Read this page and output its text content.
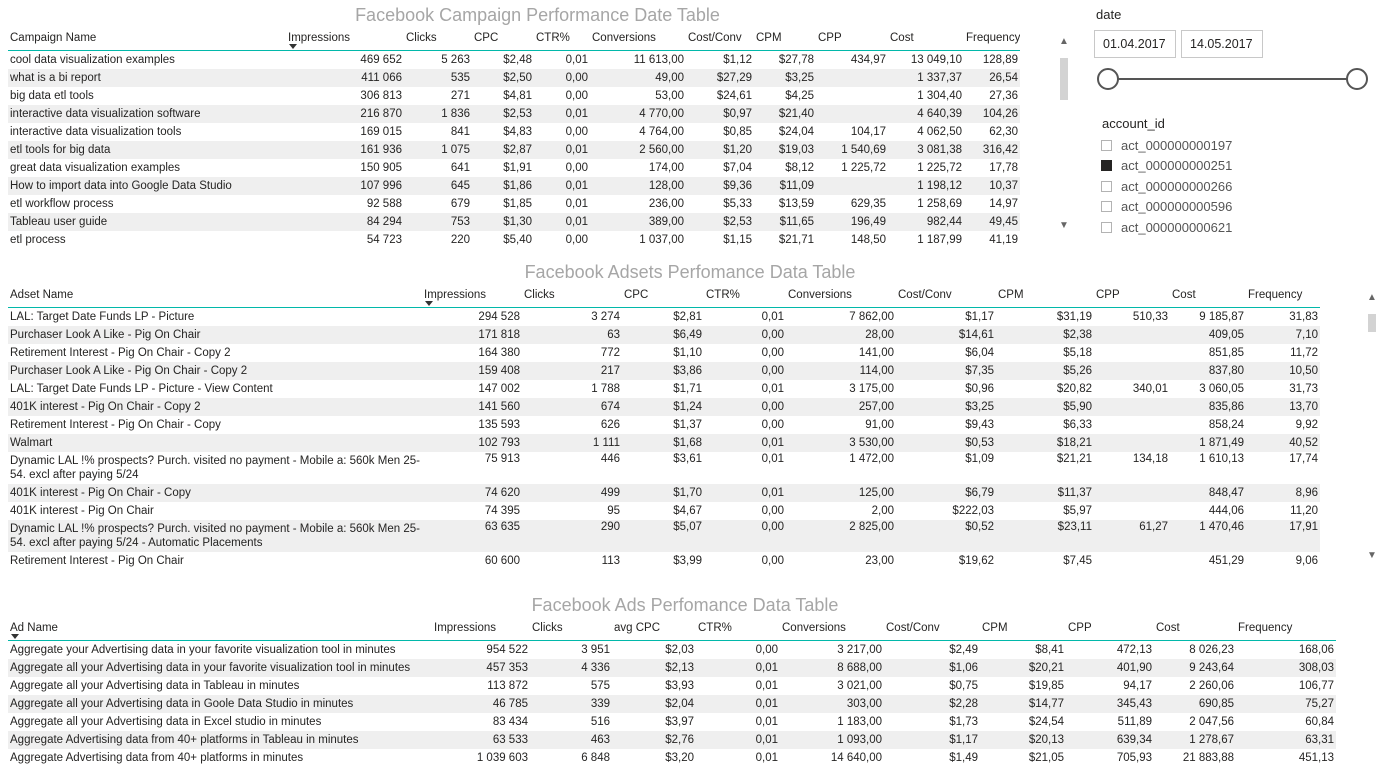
Facebook Campaign Performance Date Table
Campaign Name	Impressions	Clicks	CPC	CTR%	Conversions	Cost/Conv	CPM	CPP	Cost	Frequency
cool data visualization examples	469 652	5 263	$2,48	0,01	11 613,00	$1,12	$27,78	434,97	13 049,10	128,89
what is a bi report	411 066	535	$2,50	0,00	49,00	$27,29	$3,25		1 337,37	26,54
big data etl tools	306 813	271	$4,81	0,00	53,00	$24,61	$4,25		1 304,40	27,36
interactive data visualization software	216 870	1 836	$2,53	0,01	4 770,00	$0,97	$21,40		4 640,39	104,26
interactive data visualization tools	169 015	841	$4,83	0,00	4 764,00	$0,85	$24,04	104,17	4 062,50	62,30
etl tools for big data	161 936	1 075	$2,87	0,01	2 560,00	$1,20	$19,03	1 540,69	3 081,38	316,42
great data visualization examples	150 905	641	$1,91	0,00	174,00	$7,04	$8,12	1 225,72	1 225,72	17,78
How to import data into Google Data Studio	107 996	645	$1,86	0,01	128,00	$9,36	$11,09		1 198,12	10,37
etl workflow process	92 588	679	$1,85	0,01	236,00	$5,33	$13,59	629,35	1 258,69	14,97
Tableau user guide	84 294	753	$1,30	0,01	389,00	$2,53	$11,65	196,49	982,44	49,45
etl process	54 723	220	$5,40	0,00	1 037,00	$1,15	$21,71	148,50	1 187,99	41,19
▲
▼
date
01.04.2017	14.05.2017
account_id
act_000000000197
act_000000000251
act_000000000266
act_000000000596
act_000000000621
Facebook Adsets Perfomance Data Table
Adset Name	Impressions	Clicks	CPC	CTR%	Conversions	Cost/Conv	CPM	CPP	Cost	Frequency
LAL: Target Date Funds LP - Picture	294 528	3 274	$2,81	0,01	7 862,00	$1,17	$31,19	510,33	9 185,87	31,83
Purchaser Look A Like - Pig On Chair	171 818	63	$6,49	0,00	28,00	$14,61	$2,38		409,05	7,10
Retirement Interest - Pig On Chair - Copy 2	164 380	772	$1,10	0,00	141,00	$6,04	$5,18		851,85	11,72
Purchaser Look A Like - Pig On Chair - Copy 2	159 408	217	$3,86	0,00	114,00	$7,35	$5,26		837,80	10,50
LAL: Target Date Funds LP - Picture - View Content	147 002	1 788	$1,71	0,01	3 175,00	$0,96	$20,82	340,01	3 060,05	31,73
401K interest - Pig On Chair - Copy 2	141 560	674	$1,24	0,00	257,00	$3,25	$5,90		835,86	13,70
Retirement Interest - Pig On Chair - Copy	135 593	626	$1,37	0,00	91,00	$9,43	$6,33		858,24	9,92
Walmart	102 793	1 111	$1,68	0,01	3 530,00	$0,53	$18,21		1 871,49	40,52
Dynamic LAL !% prospects? Purch. visited no payment - Mobile a: 560k Men 25-54. excl after paying 5/24	75 913	446	$3,61	0,01	1 472,00	$1,09	$21,21	134,18	1 610,13	17,74
401K interest - Pig On Chair - Copy	74 620	499	$1,70	0,01	125,00	$6,79	$11,37		848,47	8,96
401K interest - Pig On Chair	74 395	95	$4,67	0,00	2,00	$222,03	$5,97		444,06	11,20
Dynamic LAL !% prospects? Purch. visited no payment - Mobile a: 560k Men 25-54. excl after paying 5/24 - Automatic Placements	63 635	290	$5,07	0,00	2 825,00	$0,52	$23,11	61,27	1 470,46	17,91
Retirement Interest - Pig On Chair	60 600	113	$3,99	0,00	23,00	$19,62	$7,45		451,29	9,06
▲
▼
Facebook Ads Perfomance Data Table
Ad Name	Impressions	Clicks	avg CPC	CTR%	Conversions	Cost/Conv	CPM	CPP	Cost	Frequency
Aggregate your Advertising data in your favorite visualization tool in minutes	954 522	3 951	$2,03	0,00	3 217,00	$2,49	$8,41	472,13	8 026,23	168,06
Aggregate all your Advertising data in your favorite visualization tool in minutes	457 353	4 336	$2,13	0,01	8 688,00	$1,06	$20,21	401,90	9 243,64	308,03
Aggregate all your Advertising data in Tableau in minutes	113 872	575	$3,93	0,01	3 021,00	$0,75	$19,85	94,17	2 260,06	106,77
Aggregate all your Advertising data in Goole Data Studio in minutes	46 785	339	$2,04	0,01	303,00	$2,28	$14,77	345,43	690,85	75,27
Aggregate all your Advertising data in Excel studio in minutes	83 434	516	$3,97	0,01	1 183,00	$1,73	$24,54	511,89	2 047,56	60,84
Aggregate Advertising data from 40+ platforms in Tableau in minutes	63 533	463	$2,76	0,01	1 093,00	$1,17	$20,13	639,34	1 278,67	63,31
Aggregate Advertising data from 40+ platforms in minutes	1 039 603	6 848	$3,20	0,01	14 640,00	$1,49	$21,05	705,93	21 883,88	451,13
